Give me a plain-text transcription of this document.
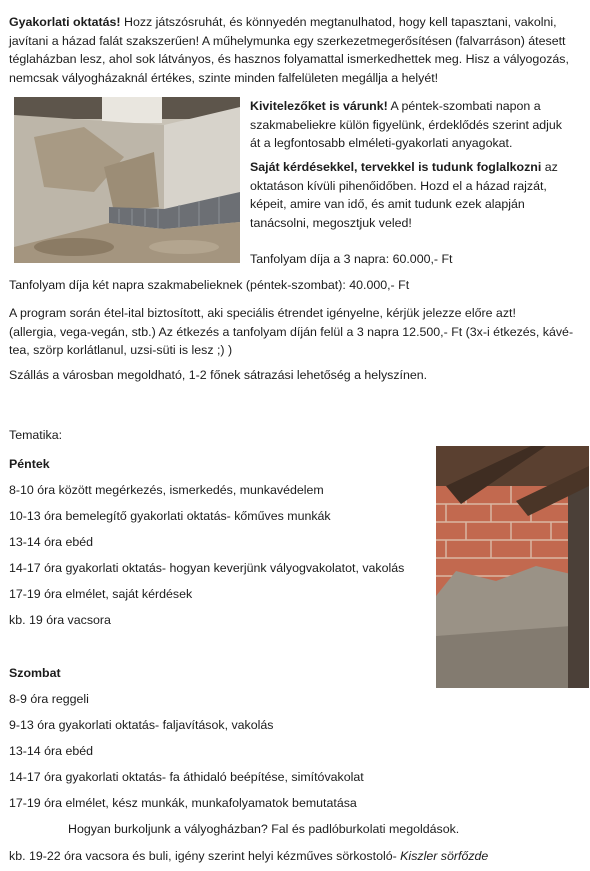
Gyakorlati oktatás! Hozz játszósruhát, és könnyedén megtanulhatod, hogy kell tapasztani, vakolni,

javítani a házad falát szakszerűen! A műhelymunka egy szerkezetmegerősítésen (falvarráson) átesett

téglaházban lesz, ahol sok látványos, és hasznos folyamattal ismerkedhettek meg. Hisz a vályogozás,

nemcsak vályogházaknál értékes, szinte minden falfelületen megállja a helyét!

Kivitelezőket is várunk! A péntek-szombati napon a

szakmabeliekre külön figyelünk, érdeklődés szerint adjuk

át a legfontosabb elméleti-gyakorlati anyagokat.

Saját kérdésekkel, tervekkel is tudunk foglalkozni az

oktatáson kívüli pihenőidőben. Hozd el a házad rajzát,

képeit, amire van idő, és amit tudunk ezek alapján

tanácsolni, megosztjuk veled!

Tanfolyam díja a 3 napra: 60.000,- Ft

Tanfolyam díja két napra szakmabelieknek (péntek-szombat): 40.000,- Ft

A program során étel-ital biztosított, aki speciális étrendet igényelne, kérjük jelezze előre azt!

(allergia, vega-vegán, stb.) Az étkezés a tanfolyam díján felül a 3 napra 12.500,- Ft (3x-i étkezés, kávé-

tea, szörp korlátlanul, uzsi-süti is lesz ;) )

Szállás a városban megoldható, 1-2 főnek sátrazási lehetőség a helyszínen.

Tematika:

Péntek

8-10 óra között megérkezés, ismerkedés, munkavédelem

10-13 óra bemelegítő gyakorlati oktatás- kőműves munkák

13-14 óra ebéd

14-17 óra gyakorlati oktatás- hogyan keverjünk vályogvakolatot, vakolás

17-19 óra elmélet, saját kérdések

kb. 19 óra vacsora

Szombat

8-9 óra reggeli

9-13 óra gyakorlati oktatás- faljavítások, vakolás

13-14 óra ebéd

14-17 óra gyakorlati oktatás- fa áthidaló beépítése, simítóvakolat

17-19 óra elmélet, kész munkák, munkafolyamatok bemutatása

Hogyan burkoljunk a vályogházban? Fal és padlóburkolati megoldások.

kb. 19-22 óra vacsora és buli, igény szerint helyi kézműves sörkostoló- Kiszler sörfőzde
